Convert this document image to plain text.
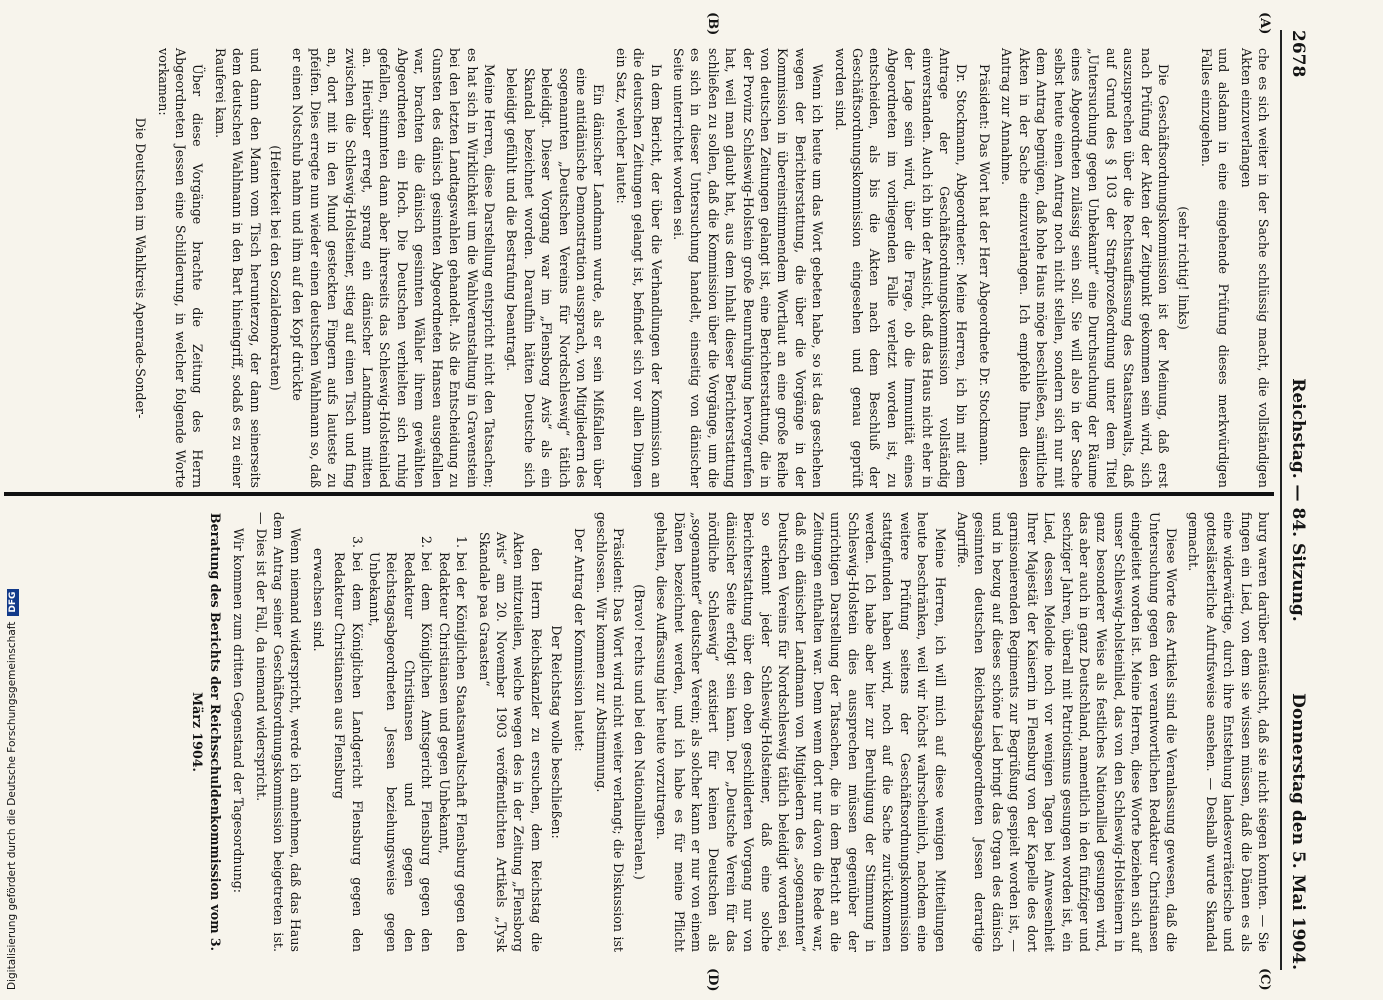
2678
Reichstag. — 84. Sitzung.
Donnerstag den 5. Mai 1904.
(A)
(B)
(C)
(D)

che es sich weiter in der Sache schlüssig macht, die vollständigen Akten einzuverlangen

und alsdann in eine eingehende Prüfung dieses merkwürdigen Falles einzugehen.

(sehr richtig! links)

Die Geschäftsordnungskommission ist der Meinung, daß erst nach Prüfung der Akten der Zeitpunkt gekommen sein wird, sich auszusprechen über die Rechtsauffassung des Staatsanwalts, daß auf Grund des § 103 der Strafprozeßordnung unter dem Titel „Untersuchung gegen Unbekannt“ eine Durchsuchung der Räume eines Abgeordneten zulässig sein soll. Sie will also in der Sache selbst heute einen Antrag noch nicht stellen, sondern sich nur mit dem Antrag begnügen, daß hohe Haus möge beschließen, sämtliche Akten in der Sache einzuverlangen. Ich empfehle Ihnen diesen Antrag zur Annahme.

Präsident: Das Wort hat der Herr Abgeordnete Dr. Stockmann.

Dr. Stockmann, Abgeordneter: Meine Herren, ich bin mit dem Antrage der Geschäftsordnungskommission vollständig einverstanden. Auch ich bin der Ansicht, daß das Haus nicht eher in der Lage sein wird, über die Frage, ob die Immunität eines Abgeordneten im vorliegenden Falle verletzt worden ist, zu entscheiden, als bis die Akten nach dem Beschluß der Geschäftsordnungskommission eingesehen und genau geprüft worden sind.

Wenn ich heute um das Wort gebeten habe, so ist das geschehen wegen der Berichterstattung, die über die Vorgänge in der Kommission in übereinstimmendem Wortlaut an eine große Reihe von deutschen Zeitungen gelangt ist, eine Berichterstattung, die in der Provinz Schleswig-Holstein große Beunruhigung hervorgerufen hat, weil man glaubt hat, aus dem Inhalt dieser Berichterstattung schließen zu sollen, daß die Kommission über die Vorgänge, um die es sich in dieser Untersuchung handelt, einseitig von dänischer Seite unterrichtet worden sei.

In dem Bericht, der über die Verhandlungen der Kommission an die deutschen Zeitungen gelangt ist, befindet sich vor allen Dingen ein Satz, welcher lautet:

Ein dänischer Landmann wurde, als er sein Mißfallen über eine antidänische Demonstration aussprach, von Mitgliedern des sogenannten „Deutschen Vereins für Nordschleswig“ tätlich beleidigt. Dieser Vorgang war im „Flensborg Avis“ als ein Skandal bezeichnet worden. Daraufhin hätten Deutsche sich beleidigt gefühlt und die Bestrafung beantragt.

Meine Herren, diese Darstellung entspricht nicht den Tatsachen; es hat sich in Wirklichkeit um die Wahlveranstaltung in Gravenstein bei den letzten Landtagswahlen gehandelt. Als die Entscheidung zu Gunsten des dänisch gesinnten Abgeordneten Hansen ausgefallen war, brachten die dänisch gesinnten Wähler ihrem gewählten Abgeordneten ein Hoch. Die Deutschen verhielten sich ruhig gefallen, stimmten dann aber ihrerseits das Schleswig-Holsteinlied an. Hierüber erregt, sprang ein dänischer Landmann mitten zwischen die Schleswig-Holsteiner, stieg auf einen Tisch und fing an, dort mit in den Mund gesteckten Fingern aufs lauteste zu pfeifen. Dies erregte nun wieder einen deutschen Wahlmann so, daß er einen Notschub nahm und ihm auf den Kopf drückte

(Heiterkeit bei den Sozialdemokraten)

und dann den Mann vom Tisch herunterzog, der dann seinerseits dem deutschen Wahlmann in den Bart hineingriff, sodaß es zu einer Rauferei kam.

Über diese Vorgänge brachte die Zeitung des Herrn Abgeordneten Jessen eine Schilderung, in welcher folgende Worte vorkamen:

Die Deutschen im Wahlkreis Apenrade-Sonder-

burg waren darüber entäuscht, daß sie nicht siegen konnten. — Sie fingen ein Lied, von dem sie wissen müssen, daß die Dänen es als eine widerwärtige, durch ihre Entstehung landesverräterische und gotteslästerliche Aufrufsweise ansehen. — Deshalb wurde Skandal gemacht.

Diese Worte des Artikels sind die Veranlassung gewesen, daß die Untersuchung gegen den verantwortlichen Redakteur Christiansen eingeleitet worden ist. Meine Herren, diese Worte beziehen sich auf unser Schleswig-holsteinlied, das von den Schleswig-Holsteinern in ganz besonderer Weise als festliches Nationallied gesungen wird, das aber auch in ganz Deutschland, namentlich in den fünfziger und sechziger Jahren, überall mit Patriotismus gesungen worden ist, ein Lied, dessen Melodie noch vor wenigen Tagen bei Anwesenheit Ihrer Majestät der Kaiserin in Flensburg von der Kapelle des dort garnisonierenden Regiments zur Begrüßung gespielt worden ist, — und in bezug auf dieses schöne Lied bringt das Organ des dänisch gesinnten deutschen Reichstagsabgeordneten Jessen derartige Angriffe.

Meine Herren, ich will mich auf diese wenigen Mitteilungen heute beschränken, weil wir höchst wahrscheinlich, nachdem eine weitere Prüfung seitens der Geschäftsordnungskommission stattgefunden haben wird, noch auf die Sache zurückkommen werden. Ich habe aber hier zur Beruhigung der Stimmung in Schleswig-Holstein dies aussprechen müssen gegenüber der unrichtigen Darstellung der Tatsachen, die in dem Bericht an die Zeitungen enthalten war. Denn wenn dort nur davon die Rede war, daß ein dänischer Landmann von Mitgliedern des „sogenannten“ Deutschen Vereins für Nordschleswig tätlich beleidigt worden sei, so erkennt jeder Schleswig-Holsteiner, daß eine solche Berichterstattung über den oben geschilderten Vorgang nur von dänischer Seite erfolgt sein kann. Der „Deutsche Verein für das nördliche Schleswig“ existiert für keinen Deutschen als „sogenannter“ deutscher Verein; als solcher kann er nur von einem Dänen bezeichnet werden, und ich habe es für meine Pflicht gehalten, diese Auffassung hier heute vorzutragen.

(Bravo! rechts und bei den Nationalliberalen.)

Präsident: Das Wort wird nicht weiter verlangt; die Diskussion ist geschlossen. Wir kommen zur Abstimmung.

Der Antrag der Kommission lautet:

Der Reichstag wolle beschließen:

den Herrn Reichskanzler zu ersuchen, dem Reichstag die Akten mitzuteilen, welche wegen des in der Zeitung „Flensborg Avis“ am 20. November 1903 veröffentlichten Artikels „Tysk Skandale paa Graasten“

1. bei der Königlichen Staatsanwaltschaft Flensburg gegen den Redakteur Christiansen und gegen Unbekannt,
2. bei dem Königlichen Amtsgericht Flensburg gegen den Redakteur Christiansen und gegen den Reichstagsabgeordneten Jessen beziehungsweise gegen Unbekannt,
3. bei dem Königlichen Landgericht Flensburg gegen den Redakteur Christiansen aus Flensburg

erwachsen sind.

Wenn niemand widerspricht, werde ich annehmen, daß das Haus dem Antrag seiner Geschäftsordnungskommission beigetreten ist. — Dies ist der Fall, da niemand widerspricht.

Wir kommen zum dritten Gegenstand der Tagesordnung:

Beratung des Berichts der Reichsschuldenkommission vom 3. März 1904.

Digitalisierung gefördert durch die Deutsche ForschungsgemeinschaftDFG
